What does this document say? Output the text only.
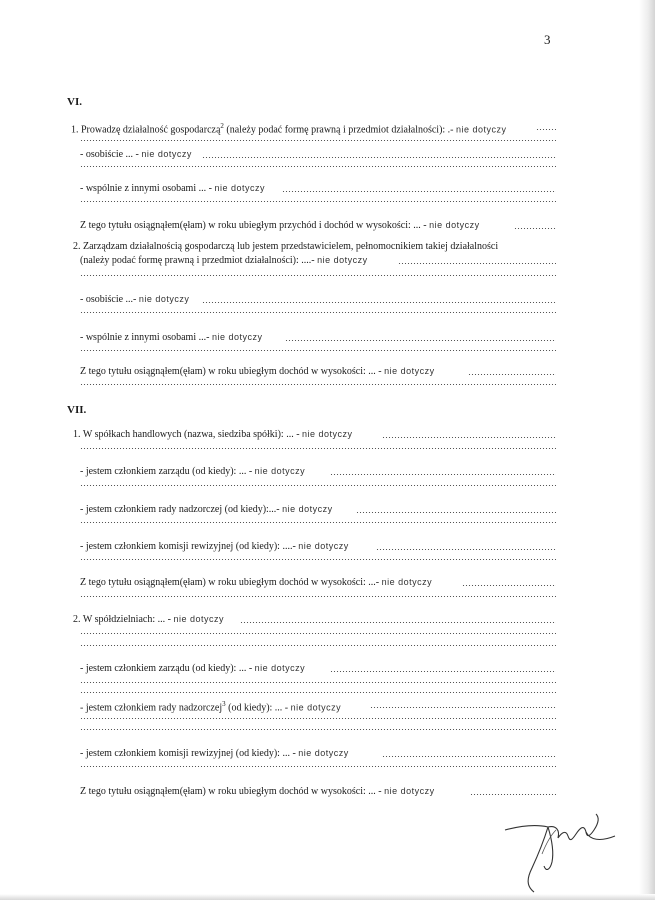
3
VI.
1. Prowadzę działalność gospodarczą$^2$ (należy podać formę prawną i przedmiot działalności): .- nie dotyczy
- osobiście ... - nie dotyczy
- wspólnie z innymi osobami ... - nie dotyczy
Z tego tytułu osiągnąłem(ęłam) w roku ubiegłym przychód i dochód w wysokości: ... - nie dotyczy
2. Zarządzam działalnością gospodarczą lub jestem przedstawicielem, pełnomocnikiem takiej działalności
(należy podać formę prawną i przedmiot działalności): ....- nie dotyczy
- osobiście ...- nie dotyczy
- wspólnie z innymi osobami ...- nie dotyczy
Z tego tytułu osiągnąłem(ęłam) w roku ubiegłym dochód w wysokości: ... - nie dotyczy
VII.
1. W spółkach handlowych (nazwa, siedziba spółki): ... - nie dotyczy
- jestem członkiem zarządu (od kiedy): ... - nie dotyczy
- jestem członkiem rady nadzorczej (od kiedy):...- nie dotyczy
- jestem członkiem komisji rewizyjnej (od kiedy): ....- nie dotyczy
Z tego tytułu osiągnąłem(ęłam) w roku ubiegłym dochód w wysokości: ...- nie dotyczy
2. W spółdzielniach: ... - nie dotyczy
- jestem członkiem zarządu (od kiedy): ... - nie dotyczy
- jestem członkiem rady nadzorczej$^3$ (od kiedy): ... - nie dotyczy
- jestem członkiem komisji rewizyjnej (od kiedy): ... - nie dotyczy
Z tego tytułu osiągnąłem(ęłam) w roku ubiegłym dochód w wysokości: ... - nie dotyczy
